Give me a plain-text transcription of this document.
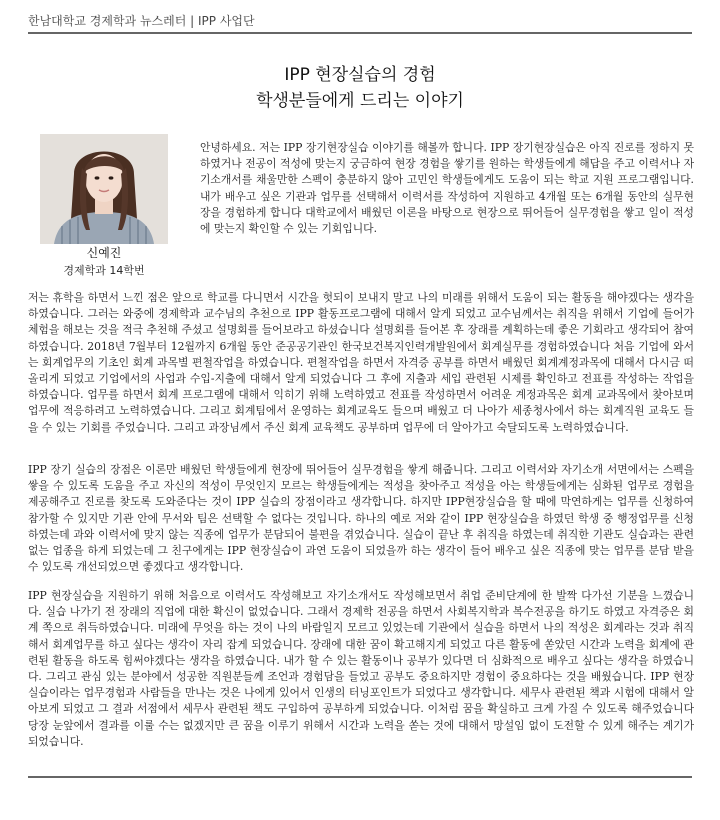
한남대학교 경제학과 뉴스레터 | IPP 사업단
IPP 현장실습의 경험
학생분들에게 드리는 이야기
신예진
경제학과 14학번

안녕하세요. 저는 IPP 장기현장실습 이야기를 해볼까 합니다. IPP 장기현장실습은 아직 진로를 정하지 못하였거나 전공이 적성에 맞는지 궁금하여 현장 경험을 쌓기를 원하는 학생들에게 해답을 주고 이력서나 자기소개서를 채울만한 스펙이 충분하지 않아 고민인 학생들에게도 도움이 되는 학교 지원 프로그램입니다. 내가 배우고 싶은 기관과 업무를 선택해서 이력서를 작성하여 지원하고 4개월 또는 6개월 동안의 실무현장을 경험하게 합니다 대학교에서 배웠던 이론을 바탕으로 현장으로 뛰어들어 실무경험을 쌓고 일이 적성에 맞는지 확인할 수 있는 기회입니다.

저는 휴학을 하면서 느낀 점은 앞으로 학교를 다니면서 시간을 헛되이 보내지 말고 나의 미래를 위해서 도움이 되는 활동을 해야겠다는 생각을 하였습니다. 그러는 와중에 경제학과 교수님의 추천으로 IPP 활동프로그램에 대해서 알게 되었고 교수님께서는 취직을 위해서 기업에 들어가 체험을 해보는 것을 적극 추천해 주셨고 설명회를 들어보라고 하셨습니다 설명회를 들어본 후 장래를 계획하는데 좋은 기회라고 생각되어 참여하였습니다. 2018년 7월부터 12월까지 6개월 동안 준공공기관인 한국보건복지인력개발원에서 회계실무를 경험하였습니다 처음 기업에 와서는 회계업무의 기초인 회계 과목별 편철작업을 하였습니다. 편철작업을 하면서 자격증 공부를 하면서 배웠던 회계계정과목에 대해서 다시금 떠올리게 되었고 기업에서의 사업과 수입-지출에 대해서 알게 되었습니다 그 후에 지출과 세입 관련된 시제를 확인하고 전표를 작성하는 작업을 하였습니다. 업무를 하면서 회계 프로그램에 대해서 익히기 위해 노력하였고 전표를 작성하면서 어려운 계정과목은 회계 교과목에서 찾아보며 업무에 적응하려고 노력하였습니다. 그리고 회계팀에서 운영하는 회계교육도 들으며 배웠고 더 나아가 세종청사에서 하는 회계직원 교육도 들을 수 있는 기회를 주었습니다. 그리고 과장님께서 주신 회계 교육책도 공부하며 업무에 더 알아가고 숙달되도록 노력하였습니다.

IPP 장기 실습의 장점은 이론만 배웠던 학생들에게 현장에 뛰어들어 실무경험을 쌓게 해줍니다. 그리고 이력서와 자기소개 서면에서는 스펙을 쌓을 수 있도록 도움을 주고 자신의 적성이 무엇인지 모르는 학생들에게는 적성을 찾아주고 적성을 아는 학생들에게는 심화된 업무로 경험을 제공해주고 진로를 찾도록 도와준다는 것이 IPP 실습의 장점이라고 생각합니다. 하지만 IPP현장실습을 할 때에 막연하게는 업무를 신청하여 참가할 수 있지만 기관 안에 무서와 팀은 선택할 수 없다는 것입니다. 하나의 예로 저와 같이 IPP 현장실습을 하였던 학생 중 행정업무를 신청하였는데 과와 이력서에 맞지 않는 직종에 업무가 분담되어 불편을 겪었습니다. 실습이 끝난 후 취직을 하였는데 취직한 기관도 실습과는 관련없는 업종을 하게 되었는데 그 친구에게는 IPP 현장실습이 과연 도움이 되었을까 하는 생각이 들어 배우고 싶은 직종에 맞는 업무를 분담 받을 수 있도록 개선되었으면 좋겠다고 생각합니다.

IPP 현장실습을 지원하기 위해 처음으로 이력서도 작성해보고 자기소개서도 작성해보면서 취업 준비단계에 한 발짝 다가선 기분을 느꼈습니다. 실습 나가기 전 장래의 직업에 대한 확신이 없었습니다. 그래서 경제학 전공을 하면서 사회복지학과 복수전공을 하기도 하였고 자격증은 회계 쪽으로 취득하였습니다. 미래에 무엇을 하는 것이 나의 바람일지 모르고 있었는데 기관에서 실습을 하면서 나의 적성은 회계라는 것과 취직해서 회계업무를 하고 싶다는 생각이 자리 잡게 되었습니다. 장래에 대한 꿈이 확고해지게 되었고 다른 활동에 쏟았던 시간과 노력을 회계에 관련된 활동을 하도록 힘써야겠다는 생각을 하였습니다. 내가 할 수 있는 활동이나 공부가 있다면 더 심화적으로 배우고 싶다는 생각을 하였습니다. 그리고 관심 있는 분야에서 성공한 직원분들께 조언과 경험담을 들었고 공부도 중요하지만 경험이 중요하다는 것을 배웠습니다. IPP 현장실습이라는 업무경험과 사람들을 만나는 것은 나에게 있어서 인생의 터닝포인트가 되었다고 생각합니다. 세무사 관련된 책과 시험에 대해서 알아보게 되었고 그 결과 서점에서 세무사 관련된 책도 구입하여 공부하게 되었습니다. 이처럼 꿈을 확실하고 크게 가질 수 있도록 해주었습니다 당장 눈앞에서 결과를 이룰 수는 없겠지만 큰 꿈을 이루기 위해서 시간과 노력을 쏟는 것에 대해서 망설임 없이 도전할 수 있게 해주는 계기가 되었습니다.
